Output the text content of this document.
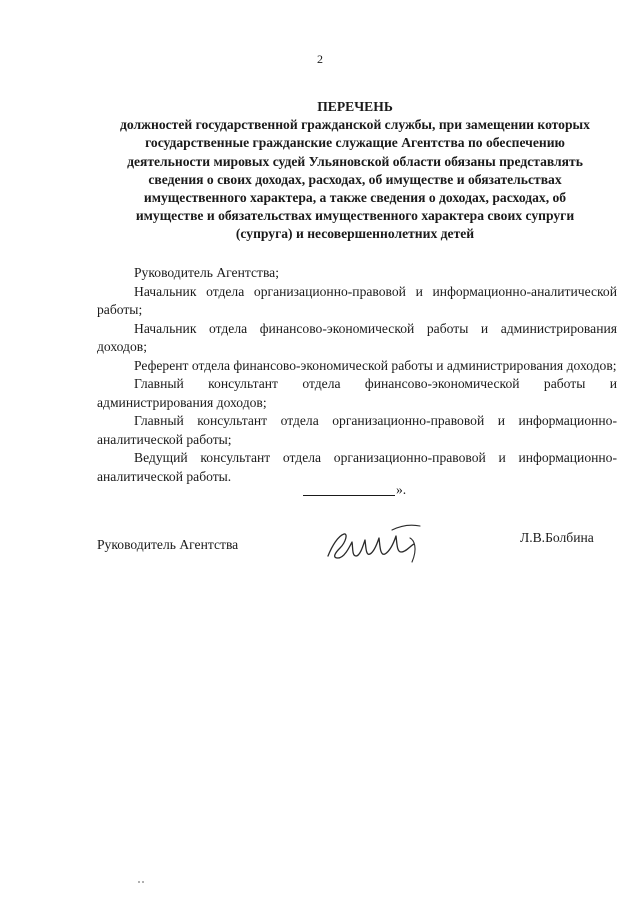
2
ПЕРЕЧЕНЬ
должностей государственной гражданской службы, при замещении которых
государственные гражданские служащие Агентства по обеспечению
деятельности мировых судей Ульяновской области обязаны представлять
сведения о своих доходах, расходах, об имуществе и обязательствах
имущественного характера, а также сведения о доходах, расходах, об
имуществе и обязательствах имущественного характера своих супруги
(супруга) и несовершеннолетних детей

Руководитель Агентства;

Начальник отдела организационно-правовой и информационно-аналитической работы;

Начальник отдела финансово-экономической работы и администрирования доходов;

Референт отдела финансово-экономической работы и администрирования доходов;

Главный консультант отдела финансово-экономической работы и администрирования доходов;

Главный консультант отдела организационно-правовой и информационно-аналитической работы;

Ведущий консультант отдела организационно-правовой и информационно-аналитической работы.

».
Руководитель Агентства	Л.В.Болбина
